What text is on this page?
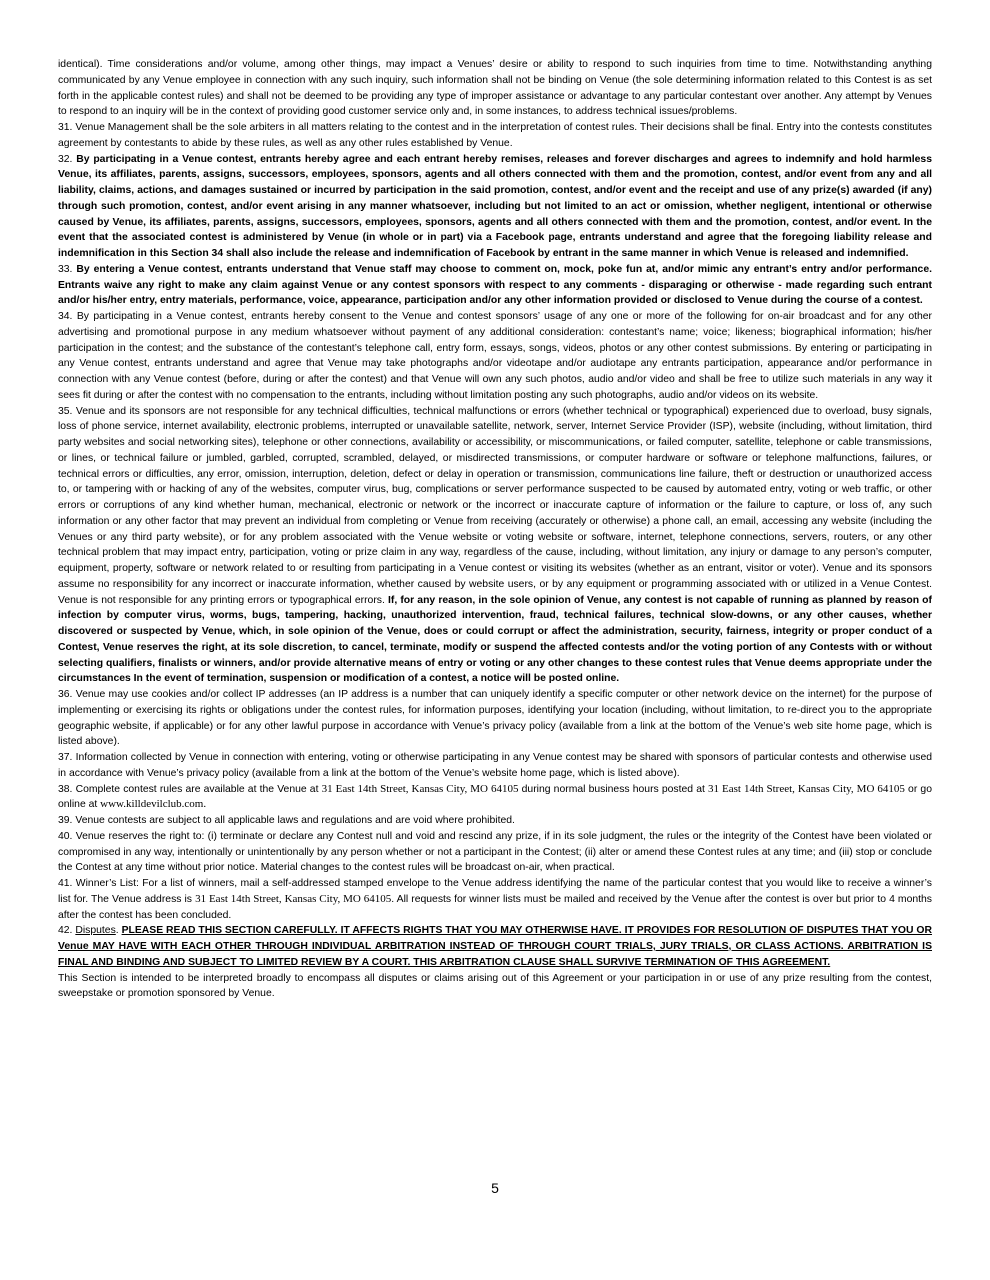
identical). Time considerations and/or volume, among other things, may impact a Venues’ desire or ability to respond to such inquiries from time to time. Notwithstanding anything communicated by any Venue employee in connection with any such inquiry, such information shall not be binding on Venue (the sole determining information related to this Contest is as set forth in the applicable contest rules) and shall not be deemed to be providing any type of improper assistance or advantage to any particular contestant over another. Any attempt by Venues to respond to an inquiry will be in the context of providing good customer service only and, in some instances, to address technical issues/problems.

31. Venue Management shall be the sole arbiters in all matters relating to the contest and in the interpretation of contest rules. Their decisions shall be final. Entry into the contests constitutes agreement by contestants to abide by these rules, as well as any other rules established by Venue.

32. By participating in a Venue contest, entrants hereby agree and each entrant hereby remises, releases and forever discharges and agrees to indemnify and hold harmless Venue, its affiliates, parents, assigns, successors, employees, sponsors, agents and all others connected with them and the promotion, contest, and/or event from any and all liability, claims, actions, and damages sustained or incurred by participation in the said promotion, contest, and/or event and the receipt and use of any prize(s) awarded (if any) through such promotion, contest, and/or event arising in any manner whatsoever, including but not limited to an act or omission, whether negligent, intentional or otherwise caused by Venue, its affiliates, parents, assigns, successors, employees, sponsors, agents and all others connected with them and the promotion, contest, and/or event. In the event that the associated contest is administered by Venue (in whole or in part) via a Facebook page, entrants understand and agree that the foregoing liability release and indemnification in this Section 34 shall also include the release and indemnification of Facebook by entrant in the same manner in which Venue is released and indemnified.

33. By entering a Venue contest, entrants understand that Venue staff may choose to comment on, mock, poke fun at, and/or mimic any entrant’s entry and/or performance. Entrants waive any right to make any claim against Venue or any contest sponsors with respect to any comments - disparaging or otherwise - made regarding such entrant and/or his/her entry, entry materials, performance, voice, appearance, participation and/or any other information provided or disclosed to Venue during the course of a contest.

34. By participating in a Venue contest, entrants hereby consent to the Venue and contest sponsors’ usage of any one or more of the following for on-air broadcast and for any other advertising and promotional purpose in any medium whatsoever without payment of any additional consideration: contestant’s name; voice; likeness; biographical information; his/her participation in the contest; and the substance of the contestant’s telephone call, entry form, essays, songs, videos, photos or any other contest submissions. By entering or participating in any Venue contest, entrants understand and agree that Venue may take photographs and/or videotape and/or audiotape any entrants participation, appearance and/or performance in connection with any Venue contest (before, during or after the contest) and that Venue will own any such photos, audio and/or video and shall be free to utilize such materials in any way it sees fit during or after the contest with no compensation to the entrants, including without limitation posting any such photographs, audio and/or videos on its website.

35. Venue and its sponsors are not responsible for any technical difficulties, technical malfunctions or errors (whether technical or typographical) experienced due to overload, busy signals, loss of phone service, internet availability, electronic problems, interrupted or unavailable satellite, network, server, Internet Service Provider (ISP), website (including, without limitation, third party websites and social networking sites), telephone or other connections, availability or accessibility, or miscommunications, or failed computer, satellite, telephone or cable transmissions, or lines, or technical failure or jumbled, garbled, corrupted, scrambled, delayed, or misdirected transmissions, or computer hardware or software or telephone malfunctions, failures, or technical errors or difficulties, any error, omission, interruption, deletion, defect or delay in operation or transmission, communications line failure, theft or destruction or unauthorized access to, or tampering with or hacking of any of the websites, computer virus, bug, complications or server performance suspected to be caused by automated entry, voting or web traffic, or other errors or corruptions of any kind whether human, mechanical, electronic or network or the incorrect or inaccurate capture of information or the failure to capture, or loss of, any such information or any other factor that may prevent an individual from completing or Venue from receiving (accurately or otherwise) a phone call, an email, accessing any website (including the Venues or any third party website), or for any problem associated with the Venue website or voting website or software, internet, telephone connections, servers, routers, or any other technical problem that may impact entry, participation, voting or prize claim in any way, regardless of the cause, including, without limitation, any injury or damage to any person’s computer, equipment, property, software or network related to or resulting from participating in a Venue contest or visiting its websites (whether as an entrant, visitor or voter). Venue and its sponsors assume no responsibility for any incorrect or inaccurate information, whether caused by website users, or by any equipment or programming associated with or utilized in a Venue Contest. Venue is not responsible for any printing errors or typographical errors. If, for any reason, in the sole opinion of Venue, any contest is not capable of running as planned by reason of infection by computer virus, worms, bugs, tampering, hacking, unauthorized intervention, fraud, technical failures, technical slow-downs, or any other causes, whether discovered or suspected by Venue, which, in sole opinion of the Venue, does or could corrupt or affect the administration, security, fairness, integrity or proper conduct of a Contest, Venue reserves the right, at its sole discretion, to cancel, terminate, modify or suspend the affected contests and/or the voting portion of any Contests with or without selecting qualifiers, finalists or winners, and/or provide alternative means of entry or voting or any other changes to these contest rules that Venue deems appropriate under the circumstances In the event of termination, suspension or modification of a contest, a notice will be posted online.

36. Venue may use cookies and/or collect IP addresses (an IP address is a number that can uniquely identify a specific computer or other network device on the internet) for the purpose of implementing or exercising its rights or obligations under the contest rules, for information purposes, identifying your location (including, without limitation, to re-direct you to the appropriate geographic website, if applicable) or for any other lawful purpose in accordance with Venue’s privacy policy (available from a link at the bottom of the Venue’s web site home page, which is listed above).

37. Information collected by Venue in connection with entering, voting or otherwise participating in any Venue contest may be shared with sponsors of particular contests and otherwise used in accordance with Venue’s privacy policy (available from a link at the bottom of the Venue’s website home page, which is listed above).

38. Complete contest rules are available at the Venue at 31 East 14th Street, Kansas City, MO 64105 during normal business hours posted at 31 East 14th Street, Kansas City, MO 64105 or go online at www.killdevilclub.com.

39. Venue contests are subject to all applicable laws and regulations and are void where prohibited.

40. Venue reserves the right to: (i) terminate or declare any Contest null and void and rescind any prize, if in its sole judgment, the rules or the integrity of the Contest have been violated or compromised in any way, intentionally or unintentionally by any person whether or not a participant in the Contest; (ii) alter or amend these Contest rules at any time; and (iii) stop or conclude the Contest at any time without prior notice. Material changes to the contest rules will be broadcast on-air, when practical.

41. Winner’s List: For a list of winners, mail a self-addressed stamped envelope to the Venue address identifying the name of the particular contest that you would like to receive a winner’s list for. The Venue address is 31 East 14th Street, Kansas City, MO 64105. All requests for winner lists must be mailed and received by the Venue after the contest is over but prior to 4 months after the contest has been concluded.

42. Disputes. PLEASE READ THIS SECTION CAREFULLY. IT AFFECTS RIGHTS THAT YOU MAY OTHERWISE HAVE. IT PROVIDES FOR RESOLUTION OF DISPUTES THAT YOU OR Venue MAY HAVE WITH EACH OTHER THROUGH INDIVIDUAL ARBITRATION INSTEAD OF THROUGH COURT TRIALS, JURY TRIALS, OR CLASS ACTIONS. ARBITRATION IS FINAL AND BINDING AND SUBJECT TO LIMITED REVIEW BY A COURT. THIS ARBITRATION CLAUSE SHALL SURVIVE TERMINATION OF THIS AGREEMENT.

This Section is intended to be interpreted broadly to encompass all disputes or claims arising out of this Agreement or your participation in or use of any prize resulting from the contest, sweepstake or promotion sponsored by Venue.

5
